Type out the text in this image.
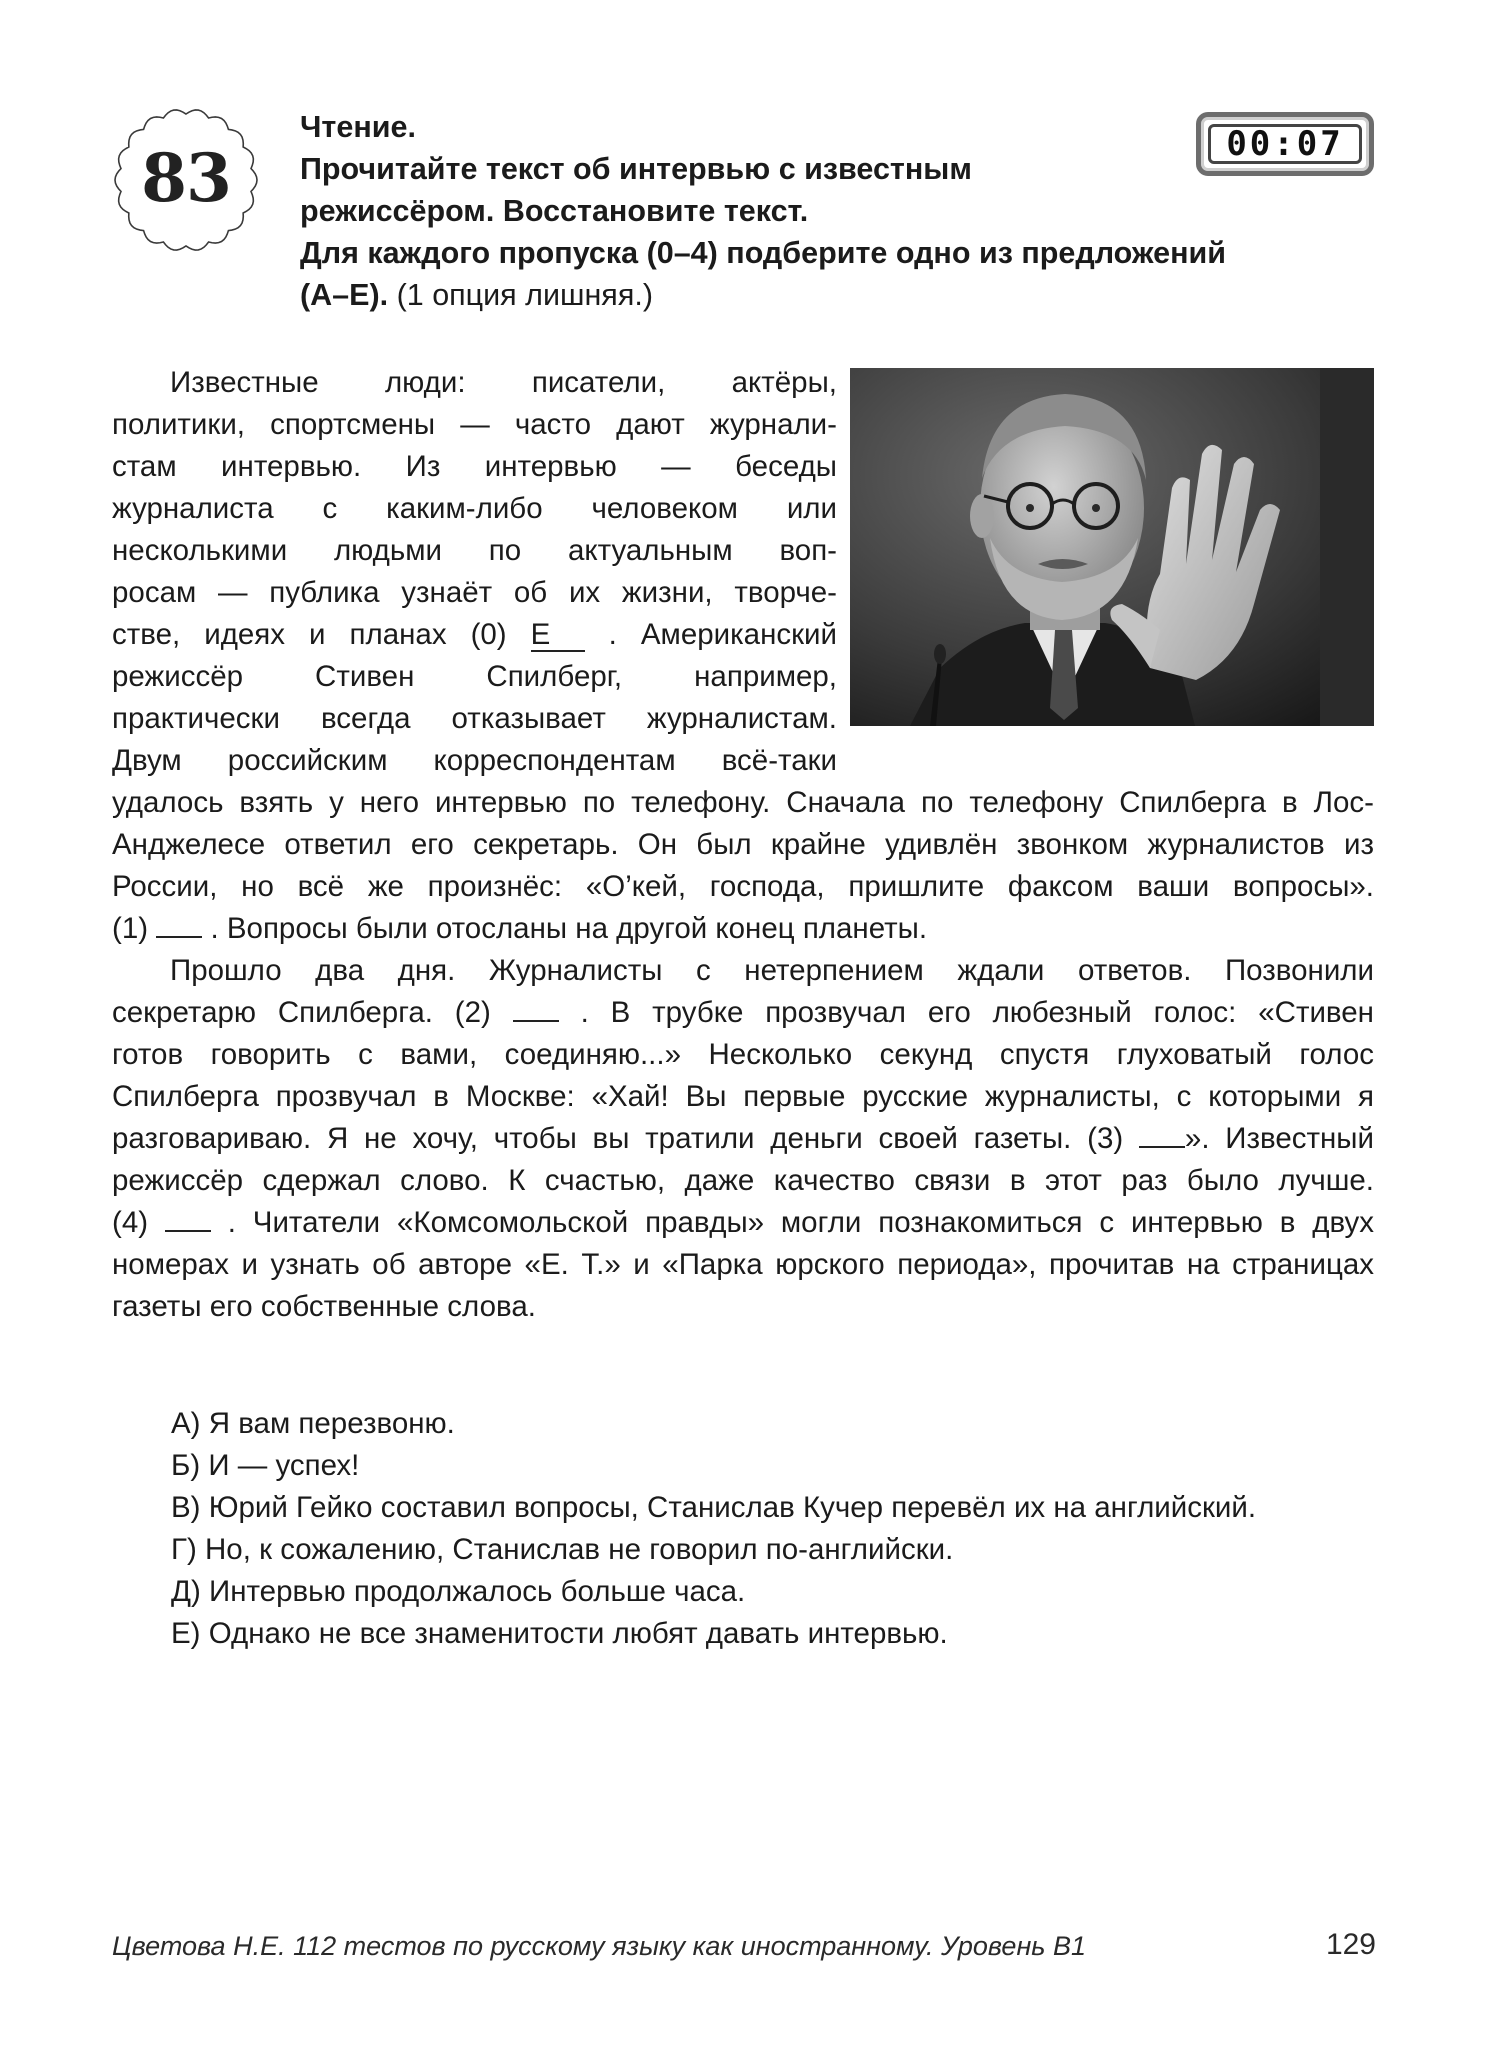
83	00:07
Чтение.
Прочитайте текст об интервью с известным
режиссёром. Восстановите текст.
Для каждого пропуска (0–4) подберите одно из предложений
(А–Е). (1 опция лишняя.)
Известные люди: писатели, актёры,
политики, спортсмены — часто дают журнали-
стам интервью. Из интервью — беседы
журналиста с каким-либо человеком или
несколькими людьми по актуальным воп-
росам — публика узнаёт об их жизни, творче-
стве, идеях и планах (0) Е . Американский
режиссёр Стивен Спилберг, например,
практически всегда отказывает журналистам.
Двум российским корреспондентам всё-таки
удалось взять у него интервью по телефону. Сначала по телефону Спилберга в Лос-
Анджелесе ответил его секретарь. Он был крайне удивлён звонком журналистов из
России, но всё же произнёс: «О’кей, господа, пришлите факсом ваши вопросы».
(1) . Вопросы были отосланы на другой конец планеты.
Прошло два дня. Журналисты с нетерпением ждали ответов. Позвонили
секретарю Спилберга. (2)	. В трубке прозвучал его любезный голос: «Стивен
готов говорить с вами, соединяю...» Несколько секунд спустя глуховатый голос
Спилберга прозвучал в Москве: «Хай! Вы первые русские журналисты, с которыми я
разговариваю. Я не хочу, чтобы вы тратили деньги своей газеты. (3) ». Известный
режиссёр сдержал слово. К счастью, даже качество связи в этот раз было лучше.
(4)	. Читатели «Комсомольской правды» могли познакомиться с интервью в двух
номерах и узнать об авторе «Е. Т.» и «Парка юрского периода», прочитав на страницах
газеты его собственные слова.
А) Я вам перезвоню.
Б) И — успех!
В) Юрий Гейко составил вопросы, Станислав Кучер перевёл их на английский.
Г) Но, к сожалению, Станислав не говорил по-английски.
Д) Интервью продолжалось больше часа.
Е) Однако не все знаменитости любят давать интервью.
Цветова Н.Е. 112 тестов по русскому языку как иностранному. Уровень В1	129
